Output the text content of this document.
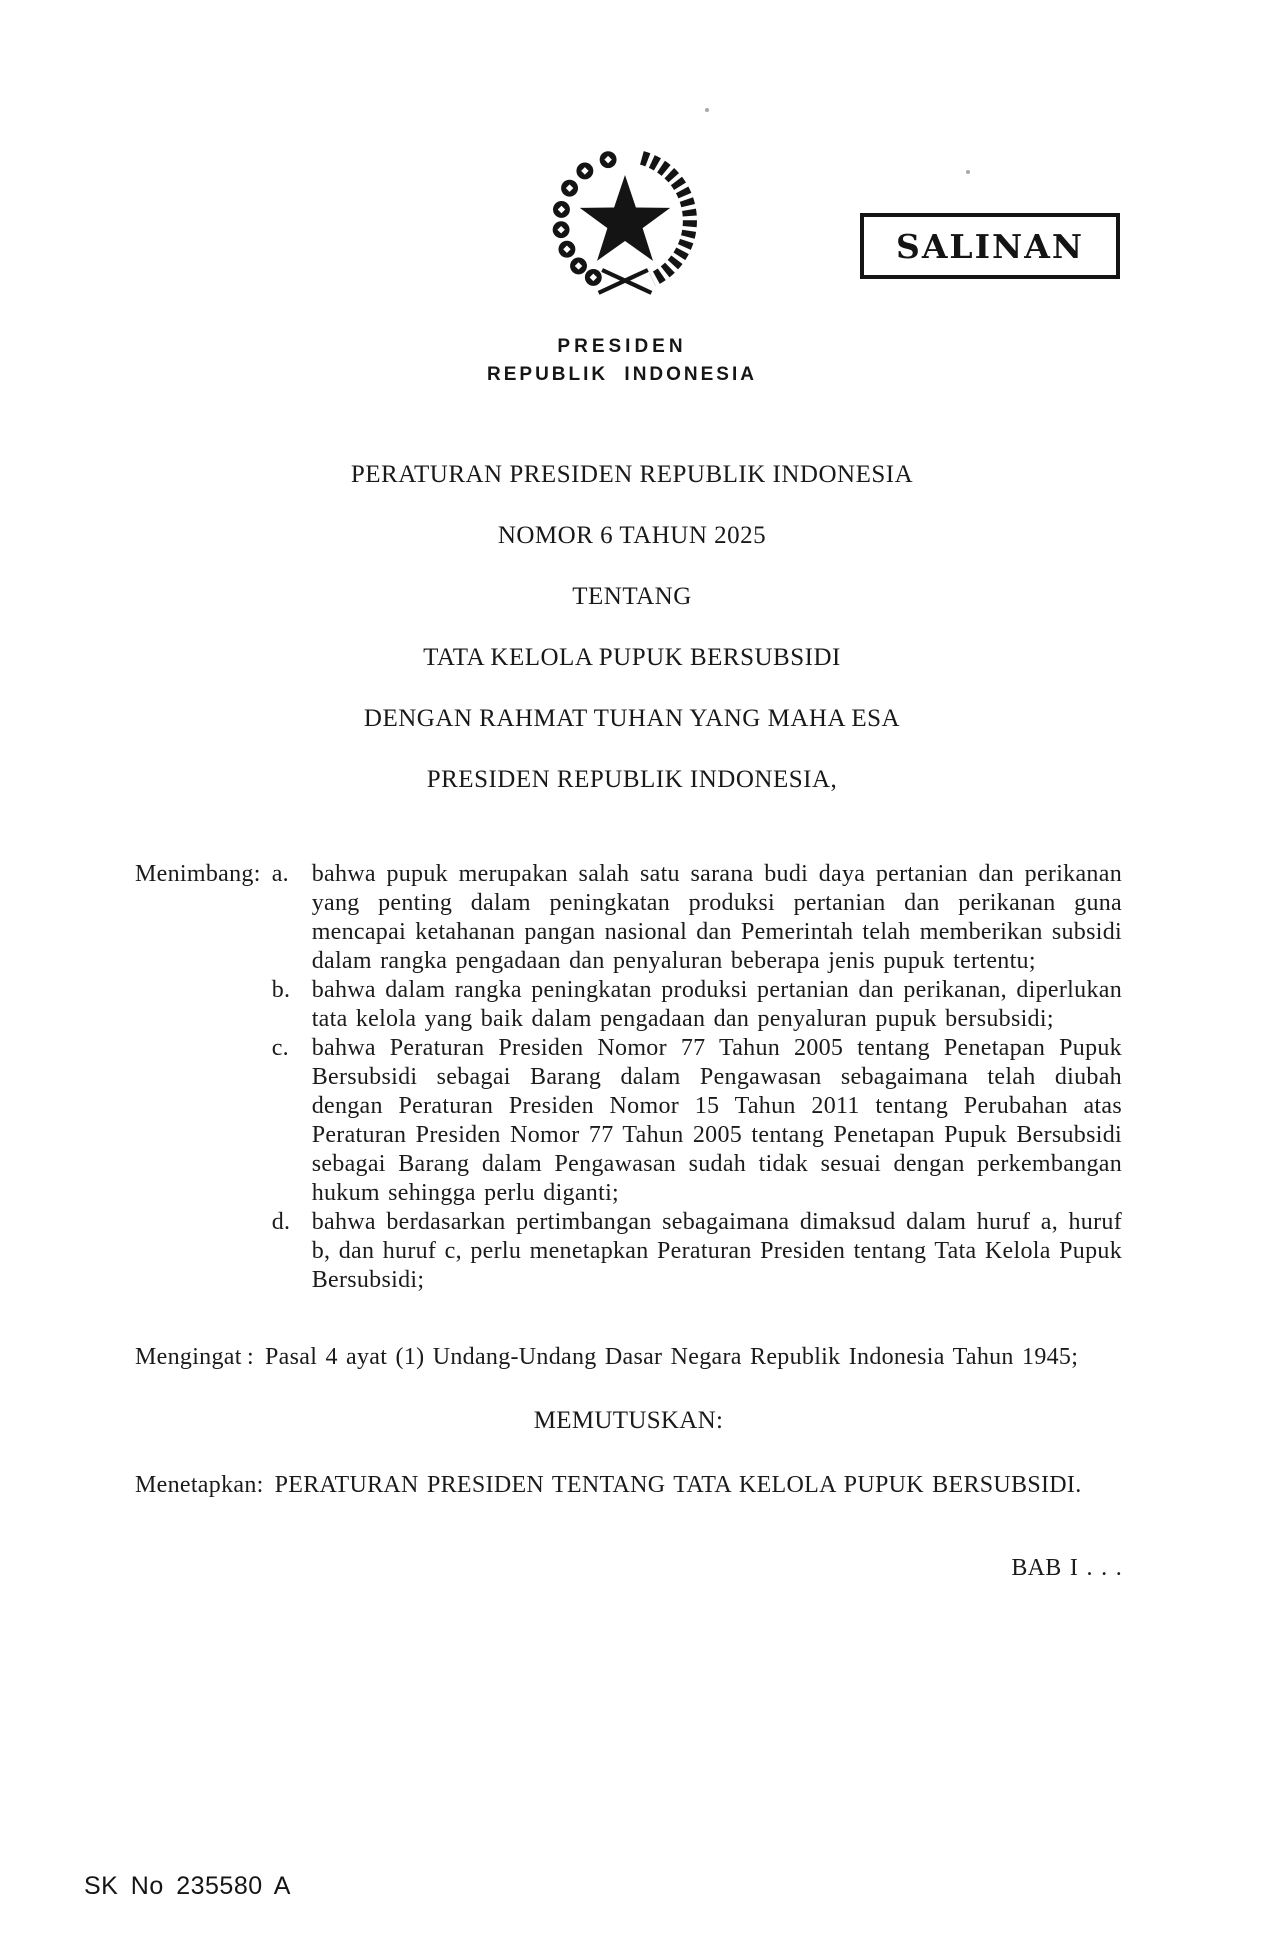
SALINAN
PRESIDEN
REPUBLIK INDONESIA
PERATURAN PRESIDEN REPUBLIK INDONESIA
NOMOR 6 TAHUN 2025
TENTANG
TATA KELOLA PUPUK BERSUBSIDI
DENGAN RAHMAT TUHAN YANG MAHA ESA
PRESIDEN REPUBLIK INDONESIA,
Menimbang : a. bahwa pupuk merupakan salah satu sarana budi daya pertanian dan perikanan yang penting dalam peningkatan produksi pertanian dan perikanan guna mencapai ketahanan pangan nasional dan Pemerintah telah memberikan subsidi dalam rangka pengadaan dan penyaluran beberapa jenis pupuk tertentu;
b. bahwa dalam rangka peningkatan produksi pertanian dan perikanan, diperlukan tata kelola yang baik dalam pengadaan dan penyaluran pupuk bersubsidi;
c. bahwa Peraturan Presiden Nomor 77 Tahun 2005 tentang Penetapan Pupuk Bersubsidi sebagai Barang dalam Pengawasan sebagaimana telah diubah dengan Peraturan Presiden Nomor 15 Tahun 2011 tentang Perubahan atas Peraturan Presiden Nomor 77 Tahun 2005 tentang Penetapan Pupuk Bersubsidi sebagai Barang dalam Pengawasan sudah tidak sesuai dengan perkembangan hukum sehingga perlu diganti;
d. bahwa berdasarkan pertimbangan sebagaimana dimaksud dalam huruf a, huruf b, dan huruf c, perlu menetapkan Peraturan Presiden tentang Tata Kelola Pupuk Bersubsidi;
Mengingat : Pasal 4 ayat (1) Undang-Undang Dasar Negara Republik Indonesia Tahun 1945;
MEMUTUSKAN:
Menetapkan : PERATURAN PRESIDEN TENTANG TATA KELOLA PUPUK BERSUBSIDI.
BAB I . . .
SK No 235580 A
